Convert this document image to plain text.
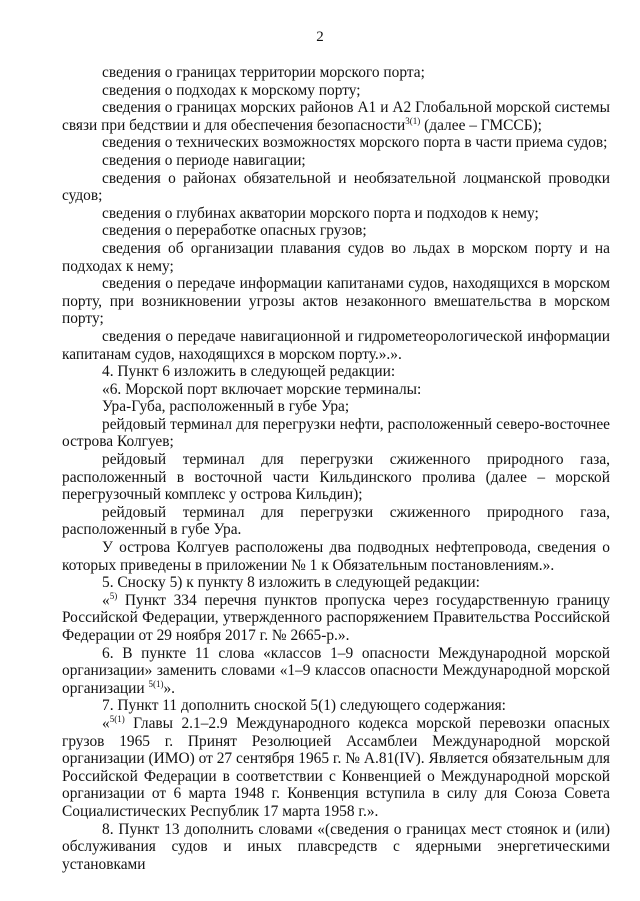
2

сведения о границах территории морского порта;

сведения о подходах к морскому порту;

сведения о границах морских районов А1 и А2 Глобальной морской системы связи при бедствии и для обеспечения безопасности$^{3(1)}$ (далее – ГМССБ);

сведения о технических возможностях морского порта в части приема судов;

сведения о периоде навигации;

сведения о районах обязательной и необязательной лоцманской проводки судов;

сведения о глубинах акватории морского порта и подходов к нему;

сведения о переработке опасных грузов;

сведения об организации плавания судов во льдах в морском порту и на подходах к нему;

сведения о передаче информации капитанами судов, находящихся в морском порту, при возникновении угрозы актов незаконного вмешательства в морском порту;

сведения о передаче навигационной и гидрометеорологической информации капитанам судов, находящихся в морском порту.».».

4. Пункт 6 изложить в следующей редакции:

«6. Морской порт включает морские терминалы:

Ура-Губа, расположенный в губе Ура;

рейдовый терминал для перегрузки нефти, расположенный северо-восточнее острова Колгуев;

рейдовый терминал для перегрузки сжиженного природного газа, расположенный в восточной части Кильдинского пролива (далее – морской перегрузочный комплекс у острова Кильдин);

рейдовый терминал для перегрузки сжиженного природного газа, расположенный в губе Ура.

У острова Колгуев расположены два подводных нефтепровода, сведения о которых приведены в приложении № 1 к Обязательным постановлениям.».

5. Сноску 5) к пункту 8 изложить в следующей редакции:

«$^{5)}$ Пункт 334 перечня пунктов пропуска через государственную границу Российской Федерации, утвержденного распоряжением Правительства Российской Федерации от 29 ноября 2017 г. № 2665-р.».

6. В пункте 11 слова «классов 1–9 опасности Международной морской организации» заменить словами «1–9 классов опасности Международной морской организации $^{5(1)}$».

7. Пункт 11 дополнить сноской 5(1) следующего содержания:

«$^{5(1)}$ Главы 2.1–2.9 Международного кодекса морской перевозки опасных грузов 1965 г. Принят Резолюцией Ассамблеи Международной морской организации (ИМО) от 27 сентября 1965 г. № A.81(IV). Является обязательным для Российской Федерации в соответствии с Конвенцией о Международной морской организации от 6 марта 1948 г. Конвенция вступила в силу для Союза Совета Социалистических Республик 17 марта 1958 г.».

8. Пункт 13 дополнить словами «(сведения о границах мест стоянок и (или) обслуживания судов и иных плавсредств с ядерными энергетическими установками
